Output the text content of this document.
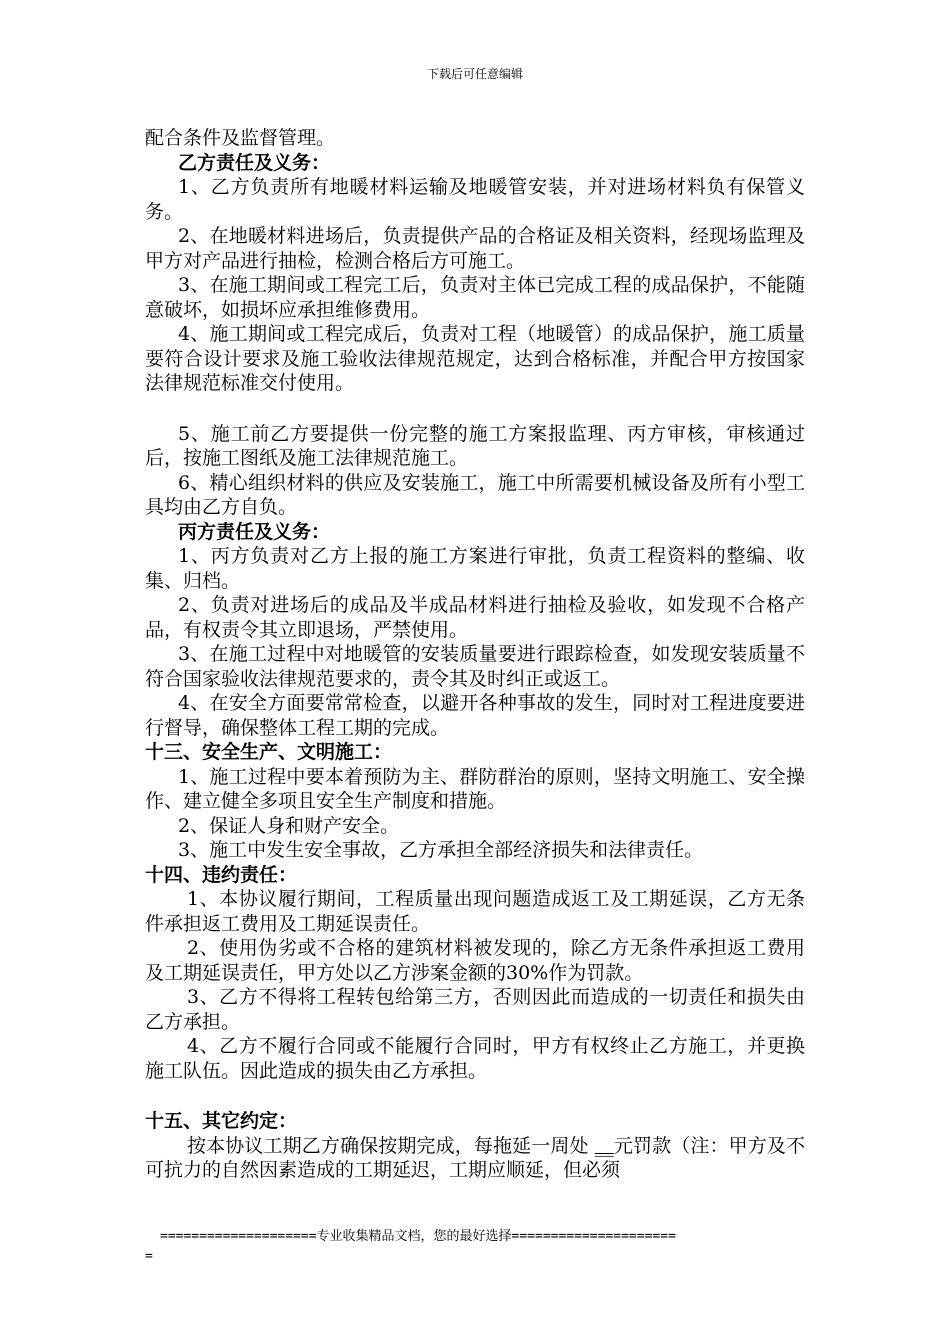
下载后可任意编辑

配合条件及监督管理。

乙方责任及义务：

1、乙方负责所有地暖材料运输及地暖管安装，并对进场材料负有保管义务。

2、在地暖材料进场后，负责提供产品的合格证及相关资料，经现场监理及甲方对产品进行抽检，检测合格后方可施工。

3、在施工期间或工程完工后，负责对主体已完成工程的成品保护，不能随意破坏，如损坏应承担维修费用。

4、施工期间或工程完成后，负责对工程（地暖管）的成品保护，施工质量要符合设计要求及施工验收法律规范规定，达到合格标准，并配合甲方按国家法律规范标准交付使用。

5、施工前乙方要提供一份完整的施工方案报监理、丙方审核，审核通过后，按施工图纸及施工法律规范施工。

6、精心组织材料的供应及安装施工，施工中所需要机械设备及所有小型工具均由乙方自负。

丙方责任及义务：

1、丙方负责对乙方上报的施工方案进行审批，负责工程资料的整编、收集、归档。

2、负责对进场后的成品及半成品材料进行抽检及验收，如发现不合格产品，有权责令其立即退场，严禁使用。

3、在施工过程中对地暖管的安装质量要进行跟踪检查，如发现安装质量不符合国家验收法律规范要求的，责令其及时纠正或返工。

4、在安全方面要常常检查，以避开各种事故的发生，同时对工程进度要进行督导，确保整体工程工期的完成。

十三、安全生产、文明施工：

1、施工过程中要本着预防为主、群防群治的原则，坚持文明施工、安全操作、建立健全多项且安全生产制度和措施。

2、保证人身和财产安全。

3、施工中发生安全事故，乙方承担全部经济损失和法律责任。

十四、违约责任：

1、本协议履行期间，工程质量出现问题造成返工及工期延误，乙方无条件承担返工费用及工期延误责任。

2、使用伪劣或不合格的建筑材料被发现的，除乙方无条件承担返工费用及工期延误责任，甲方处以乙方涉案金额的30%作为罚款。

3、乙方不得将工程转包给第三方，否则因此而造成的一切责任和损失由乙方承担。

4、乙方不履行合同或不能履行合同时，甲方有权终止乙方施工，并更换施工队伍。因此造成的损失由乙方承担。

十五、其它约定：

按本协议工期乙方确保按期完成，每拖延一周处 __元罚款（注：甲方及不可抗力的自然因素造成的工期延迟，工期应顺延，但必须

====================专业收集精品文档，您的最好选择=====================
=
